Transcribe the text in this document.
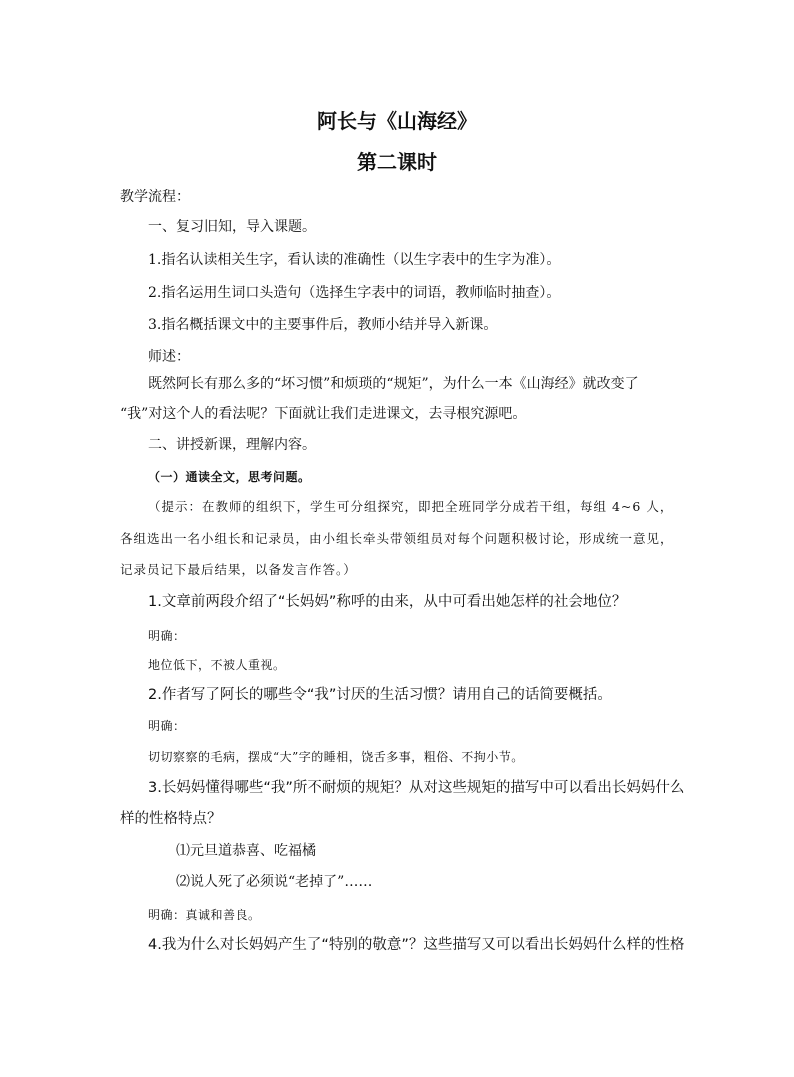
阿长与《山海经》
第二课时
教学流程：
一、复习旧知，导入课题。
1.指名认读相关生字，看认读的准确性（以生字表中的生字为准）。
2.指名运用生词口头造句（选择生字表中的词语，教师临时抽查）。
3.指名概括课文中的主要事件后，教师小结并导入新课。
师述：
既然阿长有那么多的“坏习惯”和烦琐的“规矩”，为什么一本《山海经》就改变了
“我”对这个人的看法呢？下面就让我们走进课文，去寻根究源吧。
二、讲授新课，理解内容。
（一）通读全文，思考问题。
（提示：在教师的组织下，学生可分组探究，即把全班同学分成若干组，每组 4~6 人，
各组选出一名小组长和记录员，由小组长牵头带领组员对每个问题积极讨论，形成统一意见，
记录员记下最后结果，以备发言作答。）
1.文章前两段介绍了“长妈妈”称呼的由来，从中可看出她怎样的社会地位？
明确：
地位低下，不被人重视。
2.作者写了阿长的哪些令“我”讨厌的生活习惯？请用自己的话简要概括。
明确：
切切察察的毛病，摆成“大”字的睡相，饶舌多事，粗俗、不拘小节。
3.长妈妈懂得哪些“我”所不耐烦的规矩？从对这些规矩的描写中可以看出长妈妈什么
样的性格特点？
⑴元旦道恭喜、吃福橘
⑵说人死了必须说“老掉了”……
明确：真诚和善良。
4.我为什么对长妈妈产生了“特别的敬意”？这些描写又可以看出长妈妈什么样的性格
